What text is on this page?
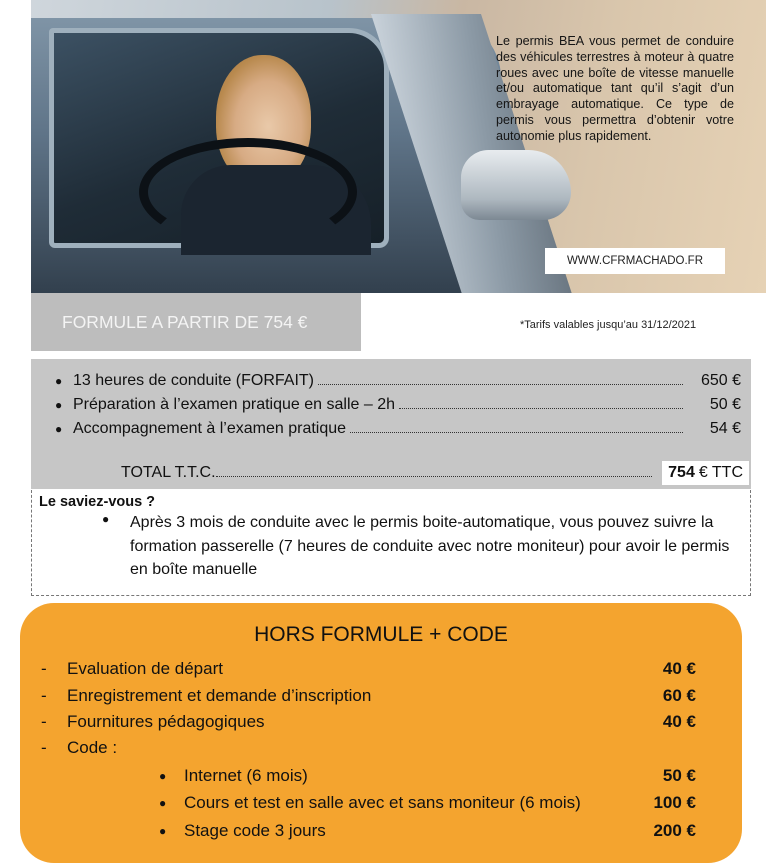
Le permis BEA vous permet de conduire des véhicules terrestres à moteur à quatre roues avec une boîte de vitesse manuelle et/ou automatique tant qu’il s’agit d’un embrayage automatique. Ce type de permis vous permettra d’obtenir votre autonomie plus rapidement.

WWW.CFRMACHADO.FR
FORMULE A PARTIR DE 754 €	*Tarifs valables jusqu’au 31/12/2021
● 13 heures de conduite (FORFAIT)	650 €
● Préparation à l’examen pratique en salle – 2h	50 €
● Accompagnement à l’examen pratique	54 €
TOTAL T.T.C.	754 € TTC
Le saviez-vous ?
● Après 3 mois de conduite avec le permis boite-automatique, vous pouvez suivre la formation passerelle (7 heures de conduite avec notre moniteur) pour avoir le permis en boîte manuelle

HORS FORMULE + CODE
-	Evaluation de départ	40 €
-	Enregistrement et demande d’inscription	60 €
-	Fournitures pédagogiques	40 €
-	Code :
●	Internet (6 mois)	50 €
●	Cours et test en salle avec et sans moniteur (6 mois)	100 €
●	Stage code 3 jours	200 €
